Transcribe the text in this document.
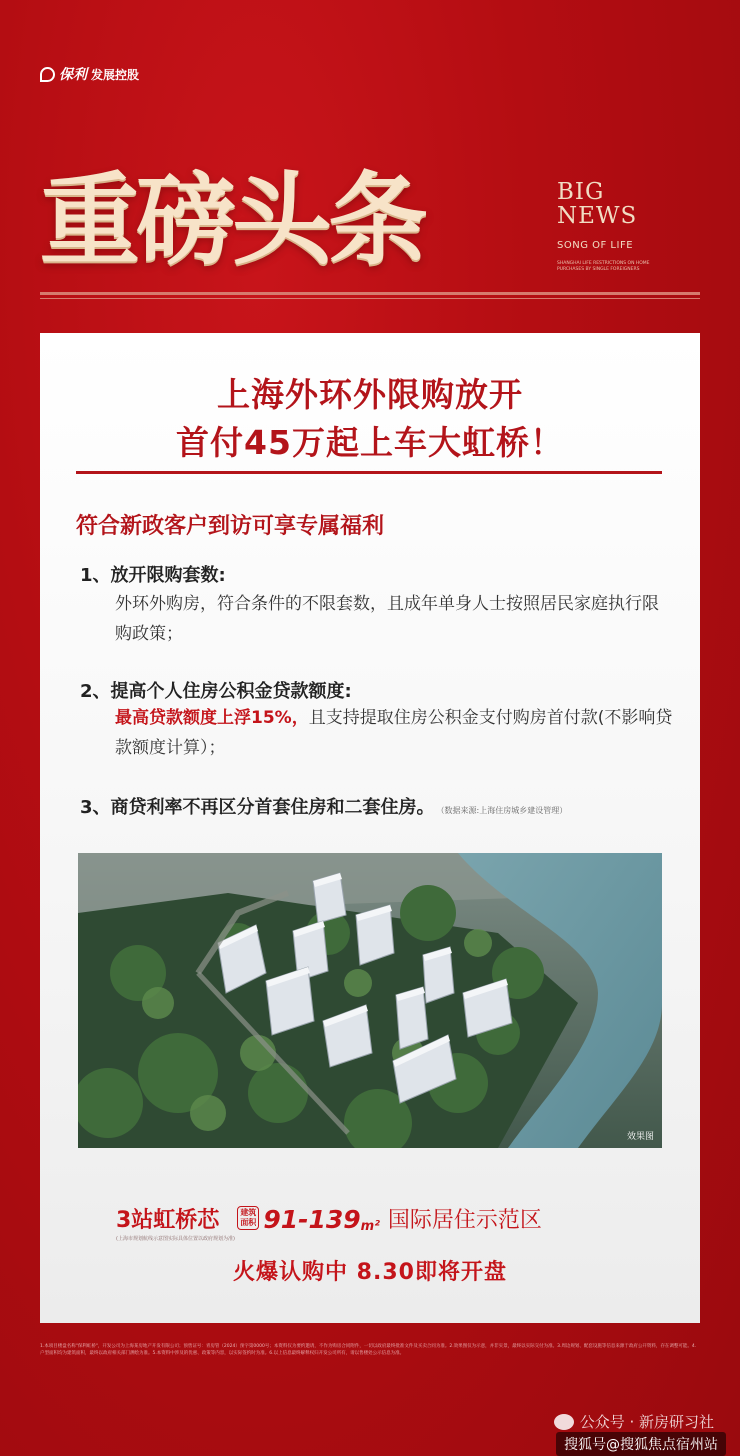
保利 发展控股
重磅头条	BIG
NEWS
SONG OF LIFE
SHANGHAI LIFE RESTRICTIONS ON HOME PURCHASES BY SINGLE FOREIGNERS
上海外环外限购放开
首付45万起上车大虹桥！
符合新政客户到访可享专属福利
1、放开限购套数:
外环外购房，符合条件的不限套数，且成年单身人士按照居民家庭执行限购政策；
2、提高个人住房公积金贷款额度:
最高贷款额度上浮15%，且支持提取住房公积金支付购房首付款(不影响贷款额度计算）；
3、商贷利率不再区分首套住房和二套住房。 （数据来源:上海住房城乡建设管理）
效果图
3站虹桥芯
(上海市规划航线示意图实际具体位置以政府规划为准)
建筑
面积 91-139 m² 国际居住示范区
火爆认购中 8.30即将开盘
1.本项目楼盘名称"保利虹桥"，开发公司为上海某房地产开发有限公司；预售证号：青房管（2024）预字第0000号；本资料仅为要约邀请，不作为购房合同附件，一切以政府最终批准文件及买卖合同为准。2.效果图仅为示意，并非实景，最终以实际交付为准。3.周边规划、配套设施等信息来源于政府公开资料，存在调整可能。4.户型面积均为建筑面积，最终以政府相关部门测绘为准。5.本资料中涉及的优惠、政策等内容，以实际签约时为准。6.以上信息最终解释权归开发公司所有，请以售楼处公示信息为准。
公众号 · 新房研习社
搜狐号@搜狐焦点宿州站
